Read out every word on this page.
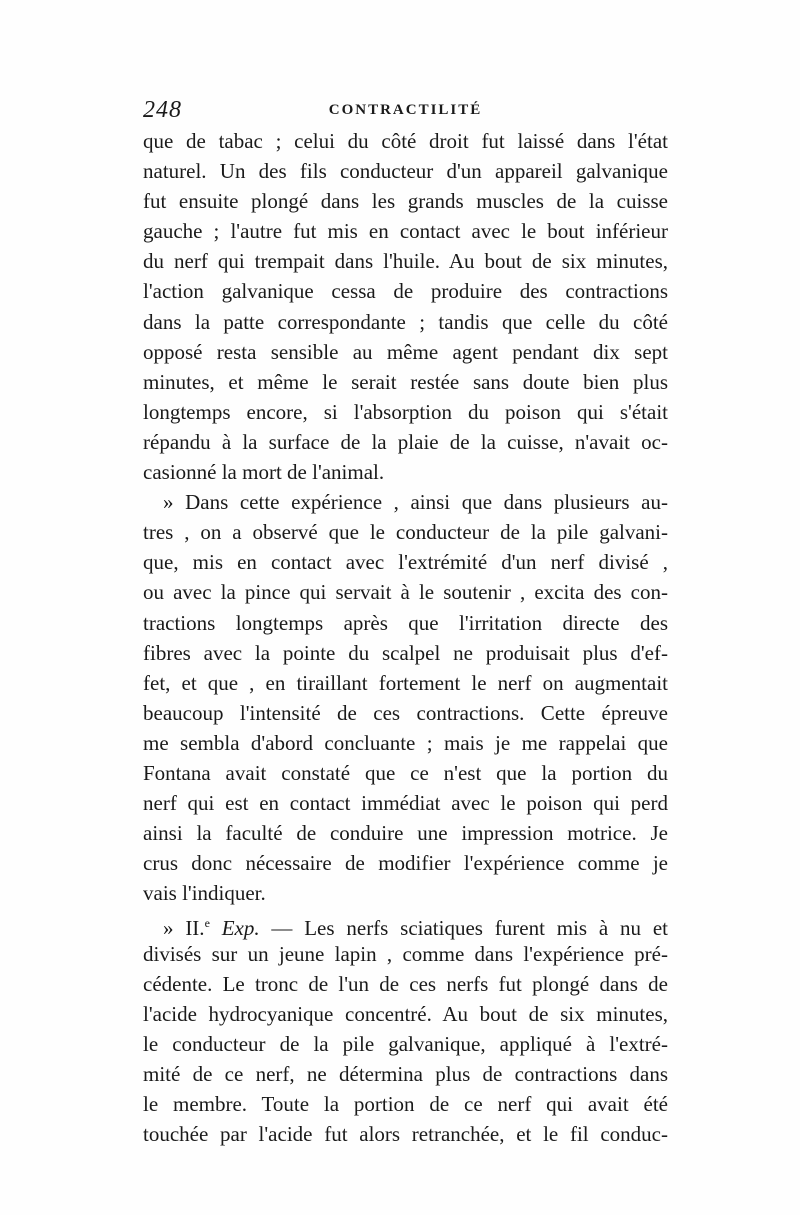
248	CONTRACTILITÉ
que de tabac ; celui du côté droit fut laissé dans l'état
naturel. Un des fils conducteur d'un appareil galvanique
fut ensuite plongé dans les grands muscles de la cuisse
gauche ; l'autre fut mis en contact avec le bout inférieur
du nerf qui trempait dans l'huile. Au bout de six minutes,
l'action galvanique cessa de produire des contractions
dans la patte correspondante ; tandis que celle du côté
opposé resta sensible au même agent pendant dix sept
minutes, et même le serait restée sans doute bien plus
longtemps encore, si l'absorption du poison qui s'était
répandu à la surface de la plaie de la cuisse, n'avait oc-
casionné la mort de l'animal.
» Dans cette expérience , ainsi que dans plusieurs au-
tres , on a observé que le conducteur de la pile galvani-
que, mis en contact avec l'extrémité d'un nerf divisé ,
ou avec la pince qui servait à le soutenir , excita des con-
tractions longtemps après que l'irritation directe des
fibres avec la pointe du scalpel ne produisait plus d'ef-
fet, et que , en tiraillant fortement le nerf on augmentait
beaucoup l'intensité de ces contractions. Cette épreuve
me sembla d'abord concluante ; mais je me rappelai que
Fontana avait constaté que ce n'est que la portion du
nerf qui est en contact immédiat avec le poison qui perd
ainsi la faculté de conduire une impression motrice. Je
crus donc nécessaire de modifier l'expérience comme je
vais l'indiquer.
» II.$^e$ Exp. — Les nerfs sciatiques furent mis à nu et
divisés sur un jeune lapin , comme dans l'expérience pré-
cédente. Le tronc de l'un de ces nerfs fut plongé dans de
l'acide hydrocyanique concentré. Au bout de six minutes,
le conducteur de la pile galvanique, appliqué à l'extré-
mité de ce nerf, ne détermina plus de contractions dans
le membre. Toute la portion de ce nerf qui avait été
touchée par l'acide fut alors retranchée, et le fil conduc-
